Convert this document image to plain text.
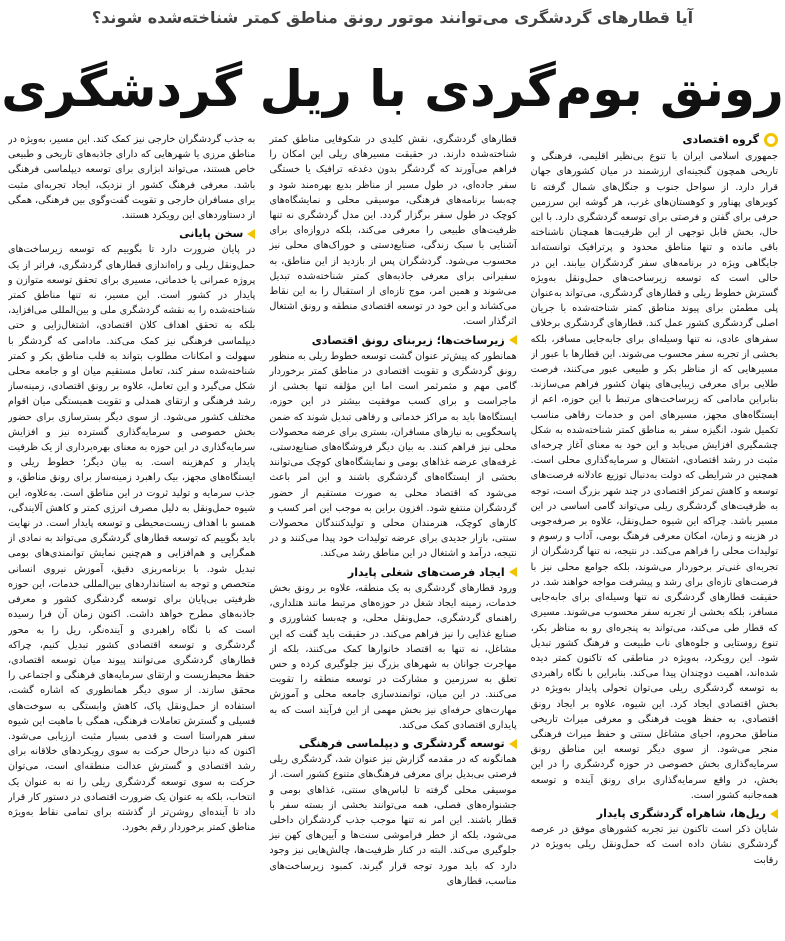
آیا قطارهای گردشگری می‌توانند موتور رونق مناطق کمتر شناخته‌شده شوند؟
رونق بوم‌گردی با ریل گردشگری
گروه اقتصادی

جمهوری اسلامی ایران با تنوع بی‌نظیر اقلیمی، فرهنگی و تاریخی همچون گنجینه‌ای ارزشمند در میان کشورهای جهان قرار دارد. از سواحل جنوب و جنگل‌های شمال گرفته تا کویرهای پهناور و کوهستان‌های غرب، هر گوشه این سرزمین حرفی برای گفتن و فرصتی برای توسعه گردشگری دارد. با این حال، بخش قابل توجهی از این ظرفیت‌ها همچنان ناشناخته باقی مانده و تنها مناطق محدود و پرترافیک توانسته‌اند جایگاهی ویژه در برنامه‌های سفر گردشگران بیابند. این در حالی است که توسعه زیرساخت‌های حمل‌ونقل به‌ویژه گسترش خطوط ریلی و قطارهای گردشگری، می‌تواند به‌عنوان پلی مطمئن برای پیوند مناطق کمتر شناخته‌شده با جریان اصلی گردشگری کشور عمل کند. قطارهای گردشگری برخلاف سفرهای عادی، نه تنها وسیله‌ای برای جابه‌جایی مسافر، بلکه بخشی از تجربه سفر محسوب می‌شوند. این قطارها با عبور از مسیرهایی که از مناظر بکر و طبیعی عبور می‌کنند، فرصت طلایی برای معرفی زیبایی‌های پنهان کشور فراهم می‌سازند. بنابراین مادامی که زیرساخت‌های مرتبط با این حوزه، اعم از ایستگاه‌های مجهز، مسیرهای امن و خدمات رفاهی مناسب تکمیل شود، انگیزه سفر به مناطق کمتر شناخته‌شده به شکل چشمگیری افزایش می‌یابد و این خود به معنای آغاز چرخه‌ای مثبت در رشد اقتصادی، اشتغال و سرمایه‌گذاری محلی است. همچنین در شرایطی که دولت به‌دنبال توزیع عادلانه فرصت‌های توسعه و کاهش تمرکز اقتصادی در چند شهر بزرگ است، توجه به ظرفیت‌های گردشگری ریلی می‌تواند گامی اساسی در این مسیر باشد. چراکه این شیوه حمل‌ونقل، علاوه بر صرفه‌جویی در هزینه و زمان، امکان معرفی فرهنگ بومی، آداب و رسوم و تولیدات محلی را فراهم می‌کند. در نتیجه، نه تنها گردشگران از تجربه‌ای غنی‌تر برخوردار می‌شوند، بلکه جوامع محلی نیز با فرصت‌های تازه‌ای برای رشد و پیشرفت مواجه خواهند شد. در حقیقت قطارهای گردشگری نه تنها وسیله‌ای برای جابه‌جایی مسافر، بلکه بخشی از تجربه سفر محسوب می‌شوند. مسیری که قطار طی می‌کند، می‌تواند به پنجره‌ای رو به مناظر بکر، تنوع روستایی و جلوه‌های ناب طبیعت و فرهنگ کشور تبدیل شود. این رویکرد، به‌ویژه در مناطقی که تاکنون کمتر دیده شده‌اند، اهمیت دوچندان پیدا می‌کند. بنابراین با نگاه راهبردی به توسعه گردشگری ریلی می‌توان تحولی پایدار به‌ویژه در بخش اقتصادی ایجاد کرد. این شیوه، علاوه بر ایجاد رونق اقتصادی، به حفظ هویت فرهنگی و معرفی میراث تاریخی مناطق محروم، احیای مشاغل سنتی و حفظ میراث فرهنگی منجر می‌شود. از سوی دیگر توسعه این مناطق رونق سرمایه‌گذاری بخش خصوصی در حوزه گردشگری را در این بخش، در واقع سرمایه‌گذاری برای رونق آینده و توسعه همه‌جانبه کشور است.

ریل‌ها، شاهراه گردشگری پایدار

شایان ذکر است تا‌کنون نیز تجربه کشورهای موفق در عرصه گردشگری نشان داده است که حمل‌ونقل ریلی به‌ویژه در رقابت

قطارهای گردشگری، نقش کلیدی در شکوفایی مناطق کمتر شناخته‌شده دارند. در حقیقت مسیرهای ریلی این امکان را فراهم می‌آورند که گردشگر بدون دغدغه ترافیک یا خستگی سفر جاده‌ای، در طول مسیر از مناظر بدیع بهره‌مند شود و چه‌بسا برنامه‌های فرهنگی، موسیقی محلی و نمایشگاه‌های کوچک در طول سفر برگزار گردد. این مدل گردشگری نه تنها ظرفیت‌های طبیعی را معرفی می‌کند، بلکه دروازه‌ای برای آشنایی با سبک زندگی، صنایع‌دستی و خوراک‌های محلی نیز محسوب می‌شود. گردشگران پس از بازدید از این مناطق، به سفیرانی برای معرفی جاذبه‌های کمتر شناخته‌شده تبدیل می‌شوند و همین امر، موج تازه‌ای از استقبال را به این نقاط می‌کشاند و این خود در توسعه اقتصادی منطقه و رونق اشتغال اثرگذار است.

زیرساخت‌ها؛ زیربنای رونق اقتصادی

همانطور که پیش‌تر عنوان گشت توسعه خطوط ریلی به منظور رونق گردشگری و تقویت اقتصادی در مناطق کمتر برخوردار گامی مهم و مثمرثمر است اما این مؤلفه تنها بخشی از ماجراست و برای کسب موفقیت بیشتر در این حوزه، ایستگاه‌ها باید به مراکز خدماتی و رفاهی تبدیل شوند که ضمن پاسخگویی به نیازهای مسافران، بستری برای عرضه محصولات محلی نیز فراهم کنند. به بیان دیگر فروشگاه‌های صنایع‌دستی، غرفه‌های عرضه غذاهای بومی و نمایشگاه‌های کوچک می‌توانند بخشی از ایستگاه‌های گردشگری باشند و این امر باعث می‌شود که اقتصاد محلی به صورت مستقیم از حضور گردشگران منتفع شود. افزون براین به موجب این امر کسب و کارهای کوچک، هنرمندان محلی و تولیدکنندگان محصولات سنتی، بازار جدیدی برای عرضه تولیدات خود پیدا می‌کنند و در نتیجه، درآمد و اشتغال در این مناطق رشد می‌کند.

ایجاد فرصت‌های شغلی پایدار

ورود قطارهای گردشگری به یک منطقه، علاوه بر رونق بخش خدمات، زمینه ایجاد شغل در حوزه‌های مرتبط مانند هتلداری، راهنمای گردشگری، حمل‌ونقل محلی، و چه‌بسا کشاورزی و صنایع غذایی را نیز فراهم می‌کند. در حقیقت باید گفت که این مشاغل، نه تنها به اقتصاد خانوارها کمک می‌کنند، بلکه از مهاجرت جوانان به شهرهای بزرگ نیز جلوگیری کرده و حس تعلق به سرزمین و مشارکت در توسعه منطقه را تقویت می‌کنند. در این میان، توانمندسازی جامعه محلی و آموزش مهارت‌های حرفه‌ای نیز بخش مهمی از این فرآیند است که به پایداری اقتصادی کمک می‌کند.

توسعه گردشگری و دیپلماسی فرهنگی

همانگونه که در مقدمه گزارش نیز عنوان شد، گردشگری ریلی فرصتی بی‌بدیل برای معرفی فرهنگ‌های متنوع کشور است. از موسیقی محلی گرفته تا لباس‌های سنتی، غذاهای بومی و جشنواره‌های فصلی، همه می‌توانند بخشی از بسته سفر با قطار باشند. این امر نه تنها موجب جذب گردشگران داخلی می‌شود، بلکه از خطر فراموشی سنت‌ها و آیین‌های کهن نیز جلوگیری می‌کند. البته در کنار ظرفیت‌ها، چالش‌هایی نیز وجود دارد که باید مورد توجه قرار گیرند. کمبود زیرساخت‌های مناسب، قطارهای

به جذب گردشگران خارجی نیز کمک کند. این مسیر، به‌ویژه در مناطق مرزی یا شهرهایی که دارای جاذبه‌های تاریخی و طبیعی خاص هستند، می‌تواند ابزاری برای توسعه دیپلماسی فرهنگی باشد. معرفی فرهنگ کشور از نزدیک، ایجاد تجربه‌ای مثبت برای مسافران خارجی و تقویت گفت‌وگوی بین فرهنگی، همگی از دستاوردهای این رویکرد هستند.

سخن پایانی

در پایان ضرورت دارد تا بگوییم که توسعه زیرساخت‌های حمل‌ونقل ریلی و راه‌اندازی قطارهای گردشگری، فراتر از یک پروژه عمرانی یا خدماتی، مسیری برای تحقق توسعه متوازن و پایدار در کشور است. این مسیر، نه تنها مناطق کمتر شناخته‌شده را به نقشه گردشگری ملی و بین‌المللی می‌افزاید، بلکه به تحقق اهداف کلان اقتصادی، اشتغال‌زایی و حتی دیپلماسی فرهنگی نیز کمک می‌کند. مادامی که گردشگر با سهولت و امکانات مطلوب بتواند به قلب مناطق بکر و کمتر شناخته‌شده سفر کند، تعامل مستقیم میان او و جامعه محلی شکل می‌گیرد و این تعامل، علاوه بر رونق اقتصادی، زمینه‌ساز رشد فرهنگی و ارتقای همدلی و تقویت همبستگی میان اقوام مختلف کشور می‌شود. از سوی دیگر بسترسازی برای حضور بخش خصوصی و سرمایه‌گذاری گسترده نیز و افزایش سرمایه‌گذاری در این حوزه به معنای بهره‌برداری از یک ظرفیت پایدار و کم‌هزینه است. به بیان دیگر؛ خطوط ریلی و ایستگاه‌های مجهز، بیک راهبرد زمینه‌ساز برای رونق مناطق، و جذب سرمایه و تولید ثروت در این مناطق است. به‌علاوه، این شیوه حمل‌ونقل به دلیل مصرف انرژی کمتر و کاهش آلایندگی، همسو با اهداف زیست‌محیطی و توسعه پایدار است. در نهایت باید بگوییم که توسعه قطارهای گردشگری می‌تواند به نمادی از همگرایی و هم‌افزایی و هم‌چنین نمایش توانمندی‌های بومی تبدیل شود. با برنامه‌ریزی دقیق، آموزش نیروی انسانی متخصص و توجه به استانداردهای بین‌المللی خدمات، این حوزه ظرفیتی بی‌پایان برای توسعه گردشگری کشور و معرفی جاذبه‌های مطرح خواهد داشت. اکنون زمان آن فرا رسیده است که با نگاه راهبردی و آینده‌نگر، ریل را به محور گردشگری و توسعه اقتصادی کشور تبدیل کنیم، چراکه قطارهای گردشگری می‌توانند پیوند میان توسعه اقتصادی، حفظ محیط‌زیست و ارتقای سرمایه‌های فرهنگی و اجتماعی را محقق سازند. از سوی دیگر همانطوری که اشاره گشت، استفاده از حمل‌ونقل پاک، کاهش وابستگی به سوخت‌های فسیلی و گسترش تعاملات فرهنگی، همگی با ماهیت این شیوه سفر هم‌راستا است و قدمی بسیار مثبت ارزیابی می‌شود. اکنون که دنیا درحال حرکت به سوی رویکردهای خلاقانه برای رشد اقتصادی و گسترش عدالت منطقه‌ای است، می‌توان حرکت به سوی توسعه گردشگری ریلی را نه به عنوان یک انتخاب، بلکه به عنوان یک ضرورت اقتصادی در دستور کار قرار داد تا آینده‌ای روشن‌تر از گذشته برای تمامی نقاط به‌ویژه مناطق کمتر برخوردار رقم بخورد.
